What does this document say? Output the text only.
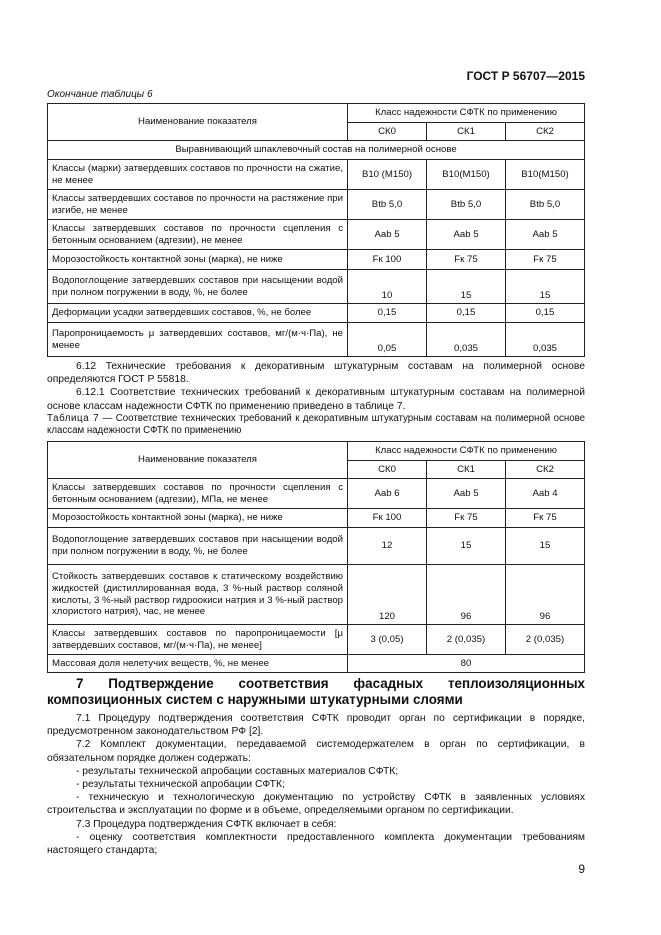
ГОСТ Р 56707—2015
Окончание таблицы 6
Наименование показателя	Класс надежности СФТК по применению		
	СК0	СК1	СК2
Выравнивающий шпаклевочный состав на полимерной основе			
Классы (марки) затвердевших составов по прочности на сжатие, не менее	B10 (M150)	B10(M150)	B10(M150)
Классы затвердевших составов по прочности на растяжение при изгибе, не менее	Btb 5,0	Btb 5,0	Btb 5,0
Классы затвердевших составов по прочности сцепления с бетонным основанием (адгезии), не менее	Aab 5	Aab 5	Aab 5
Морозостойкость контактной зоны (марка), не ниже	Fк 100	Fк 75	Fк 75
Водопоглощение затвердевших составов при насыщении водой при полном погружении в воду, %, не более	10	15	15
Деформации усадки затвердевших составов, %, не более	0,15	0,15	0,15
Паропроницаемость μ затвердевших составов, мг/(м·ч·Па), не менее	0,05	0,035	0,035

6.12 Технические требования к декоративным штукатурным составам на полимерной основе определяются ГОСТ Р 55818.

6.12.1 Соответствие технических требований к декоративным штукатурным составам на полимерной основе классам надежности СФТК по применению приведено в таблице 7.

Таблица 7 — Соответствие технических требований к декоративным штукатурным составам на полимерной основе классам надежности СФТК по применению
Наименование показателя	Класс надежности СФТК по применению		
	СК0	СК1	СК2
Классы затвердевших составов по прочности сцепления с бетонным основанием (адгезии), МПа, не менее	Aab 6	Aab 5	Aab 4
Морозостойкость контактной зоны (марка), не ниже	Fк 100	Fк 75	Fк 75
Водопоглощение затвердевших составов при насыщении водой при полном погружении в воду, %, не более	12	15	15
Стойкость затвердевших составов к статическому воздействию жидкостей (дистиллированная вода, 3 %-ный раствор соляной кислоты, 3 %-ный раствор гидроокиси натрия и 3 %-ный раствор хлористого натрия), час, не менее	120	96	96
Классы затвердевших составов по паропроницаемости [μ затвердевших составов, мг/(м·ч·Па), не менее]	3 (0,05)	2 (0,035)	2 (0,035)
Массовая доля нелетучих веществ, %, не менее	80		
7 Подтверждение соответствия фасадных теплоизоляционных композиционных систем с наружными штукатурными слоями

7.1 Процедуру подтверждения соответствия СФТК проводит орган по сертификации в порядке, предусмотренном законодательством РФ [2].

7.2 Комплект документации, передаваемой системодержателем в орган по сертификации, в обязательном порядке должен содержать:

- результаты технической апробации составных материалов СФТК;

- результаты технической апробации СФТК;

- техническую и технологическую документацию по устройству СФТК в заявленных условиях строительства и эксплуатации по форме и в объеме, определяемыми органом по сертификации.

7.3 Процедура подтверждения СФТК включает в себя:

- оценку соответствия комплектности предоставленного комплекта документации требованиям настоящего стандарта;

9
